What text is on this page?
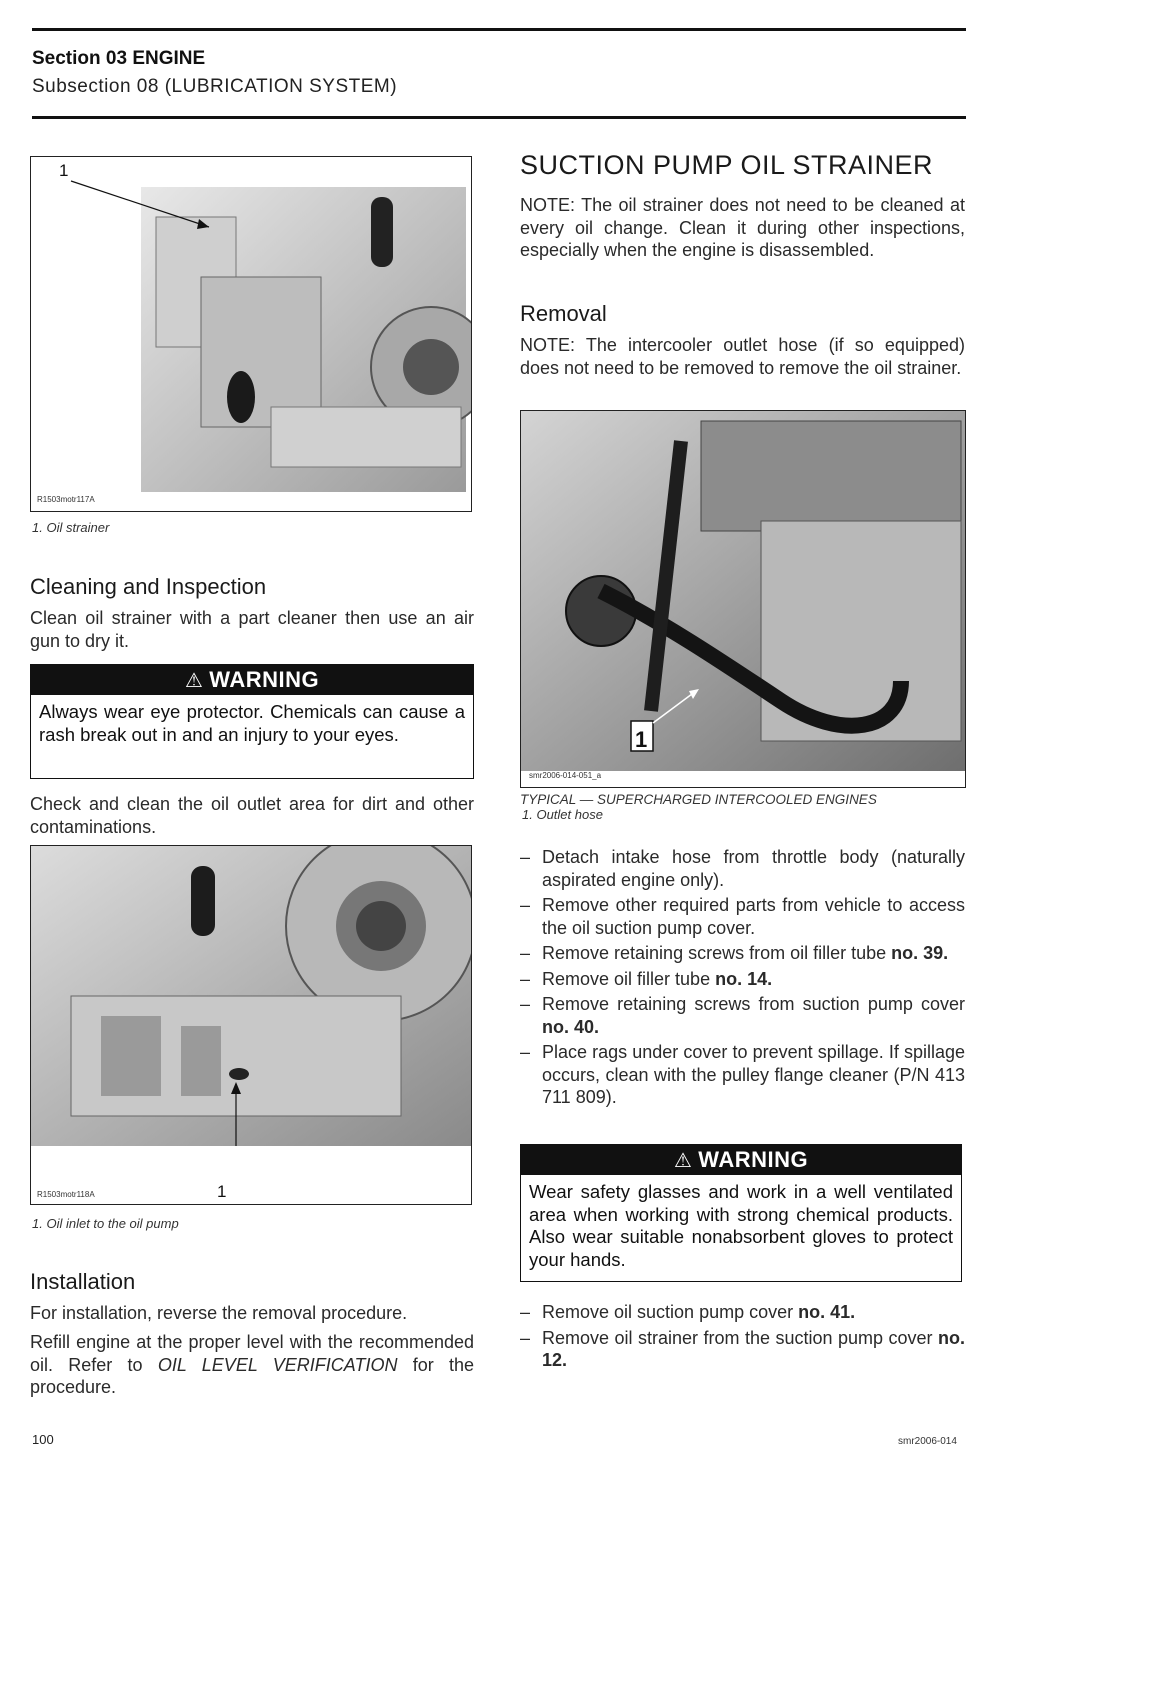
Section 03 ENGINE
Subsection 08 (LUBRICATION SYSTEM)
1
R1503motr117A
1. Oil strainer
Cleaning and Inspection
Clean oil strainer with a part cleaner then use an air gun to dry it.
⚠ WARNING
Always wear eye protector. Chemicals can cause a rash break out in and an injury to your eyes.
Check and clean the oil outlet area for dirt and other contaminations.
1
R1503motr118A
1. Oil inlet to the oil pump
Installation
For installation, reverse the removal procedure.
Refill engine at the proper level with the recommended oil. Refer to OIL LEVEL VERIFICATION for the procedure.
SUCTION PUMP OIL STRAINER
NOTE: The oil strainer does not need to be cleaned at every oil change. Clean it during other inspections, especially when the engine is disassembled.
Removal
NOTE: The intercooler outlet hose (if so equipped) does not need to be removed to remove the oil strainer.
1
smr2006-014-051_a
TYPICAL — SUPERCHARGED INTERCOOLED ENGINES
1. Outlet hose
– Detach intake hose from throttle body (naturally aspirated engine only).
– Remove other required parts from vehicle to access the oil suction pump cover.
– Remove retaining screws from oil filler tube no. 39.
– Remove oil filler tube no. 14.
– Remove retaining screws from suction pump cover no. 40.
– Place rags under cover to prevent spillage. If spillage occurs, clean with the pulley flange cleaner (P/N 413 711 809).
⚠ WARNING
Wear safety glasses and work in a well ventilated area when working with strong chemical products. Also wear suitable nonabsorbent gloves to protect your hands.
– Remove oil suction pump cover no. 41.
– Remove oil strainer from the suction pump cover no. 12.
100	smr2006-014
